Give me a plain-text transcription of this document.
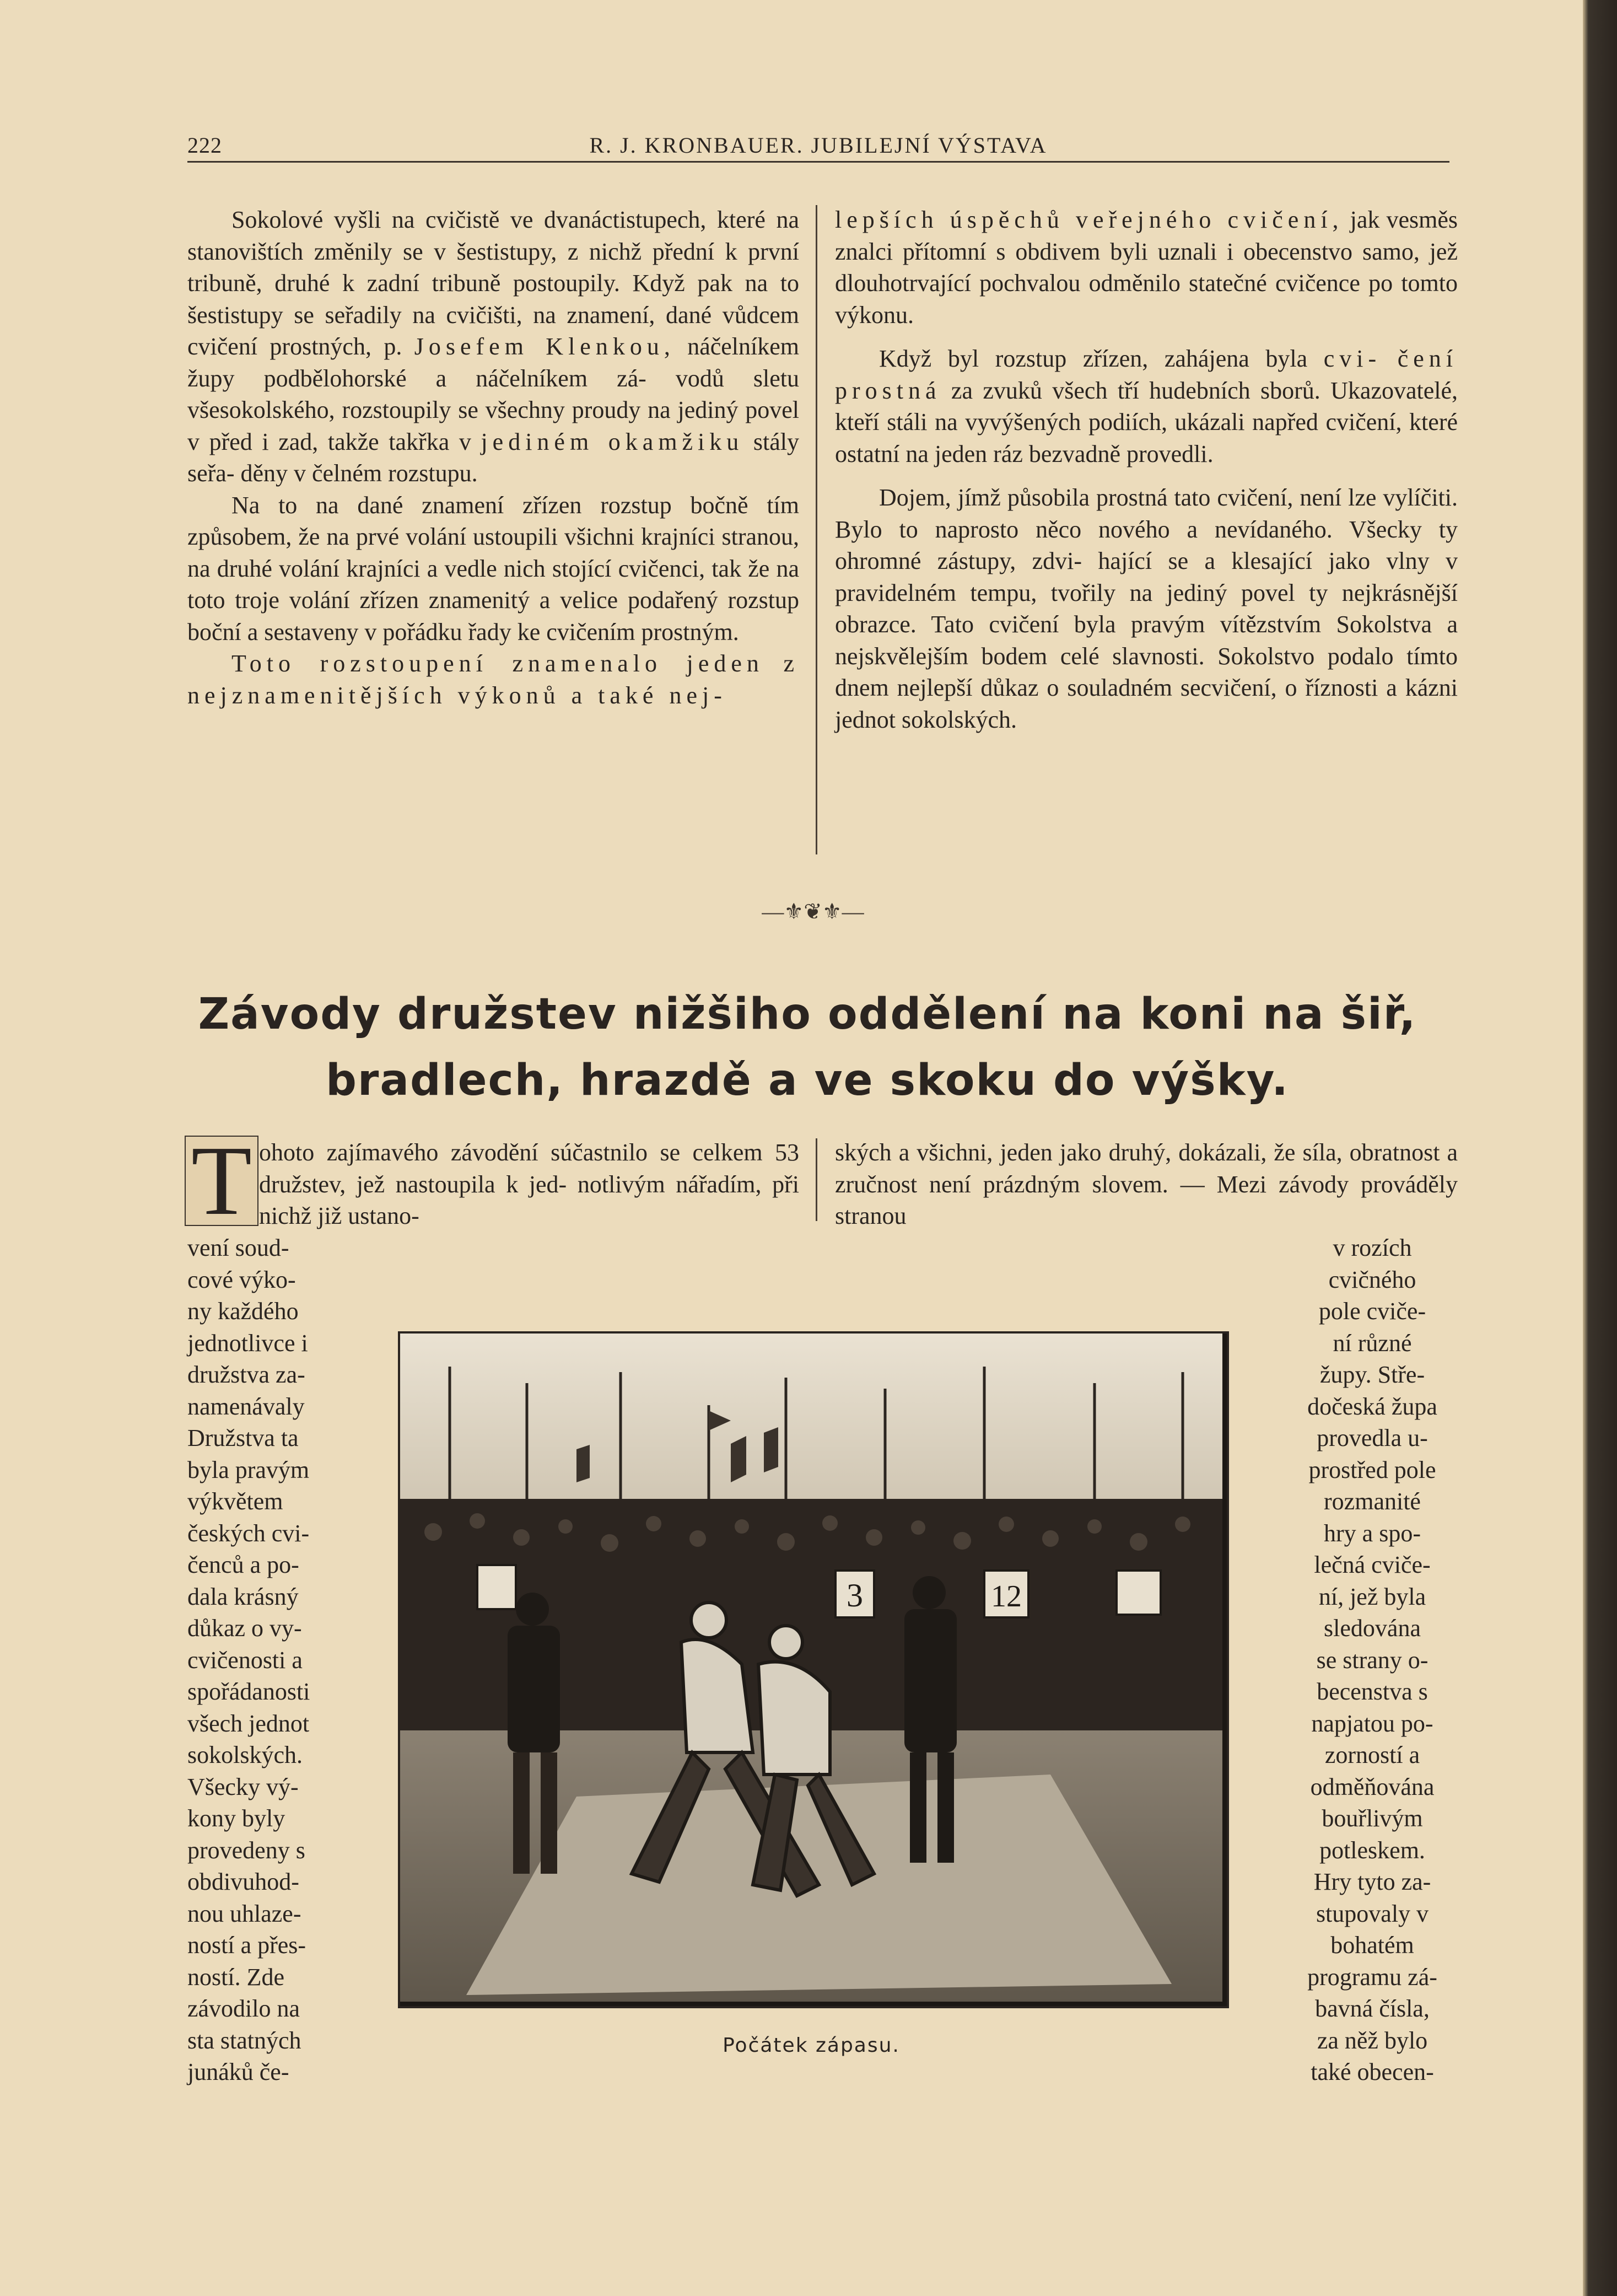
222	R. J. KRONBAUER. JUBILEJNÍ VÝSTAVA

Sokolové vyšli na cvičistě ve dvanáctistupech, které na stanovištích změnily se v šestistupy, z nichž přední k první tribuně, druhé k zadní tribuně postoupily. Když pak na to šestistupy se seřadily na cvičišti, na znamení, dané vůdcem cvičení prostných, p. Josefem Klenkou, náčelníkem župy podbělohorské a náčelníkem zá- vodů sletu všesokolského, rozstoupily se všechny proudy na jediný povel v před i zad, takže takřka v jediném okamžiku stály seřa- děny v čelném rozstupu.

Na to na dané znamení zřízen rozstup bočně tím způsobem, že na prvé volání ustoupili všichni krajníci stranou, na druhé volání krajníci a vedle nich stojící cvičenci, tak že na toto troje volání zřízen znamenitý a velice podařený rozstup boční a sestaveny v pořádku řady ke cvičením prostným.

Toto rozstoupení znamenalo jeden z nejznamenitějších výkonů a také nej-

lepších úspěchů veřejného cvičení, jak vesměs znalci přítomní s obdivem byli uznali i obecenstvo samo, jež dlouhotrvající pochvalou odměnilo statečné cvičence po tomto výkonu.

Když byl rozstup zřízen, zahájena byla cvi- čení prostná za zvuků všech tří hudebních sborů. Ukazovatelé, kteří stáli na vyvýšených podiích, ukázali napřed cvičení, které ostatní na jeden ráz bezvadně provedli.

Dojem, jímž působila prostná tato cvičení, není lze vylíčiti. Bylo to naprosto něco nového a nevídaného. Všecky ty ohromné zástupy, zdvi- hající se a klesající jako vlny v pravidelném tempu, tvořily na jediný povel ty nejkrásnější obrazce. Tato cvičení byla pravým vítězstvím Sokolstva a nejskvělejším bodem celé slavnosti. Sokolstvo podalo tímto dnem nejlepší důkaz o souladném secvičení, o říznosti a kázni jednot sokolských.

—⚜❦⚜—
Závody družstev nižšiho oddělení na koni na šiř,
bradlech, hrazdě a ve skoku do výšky.
T ohoto zajímavého závodění súčastnilo se celkem 53 družstev, jež nastoupila k jed- notlivým nářadím, při nichž již ustano-

vení soud-
cové výko-
ny každého
jednotlivce i
družstva za-
namenávaly
Družstva ta
byla pravým
výkvětem
českých cvi-
čenců a po-
dala krásný
důkaz o vy-
cvičenosti a
spořádanosti
všech jednot
sokolských.
Všecky vý-
kony byly
provedeny s
obdivuhod-
nou uhlaze-
ností a přes-
ností. Zde
závodilo na
sta statných
junáků če-

ských a všichni, jeden jako druhý, dokázali, že síla, obratnost a zručnost není prázdným slovem. — Mezi závody prováděly stranou

v rozích
cvičného
pole cviče-
ní různé
župy. Stře-
dočeská župa
provedla u-
prostřed pole
rozmanité
hry a spo-
lečná cviče-
ní, jež byla
sledována
se strany o-
becenstva s
napjatou po-
zorností a
odměňována
bouřlivým
potleskem.
Hry tyto za-
stupovaly v
bohatém
programu zá-
bavná čísla,
za něž bylo
také obecen-

3	12
Počátek zápasu.
